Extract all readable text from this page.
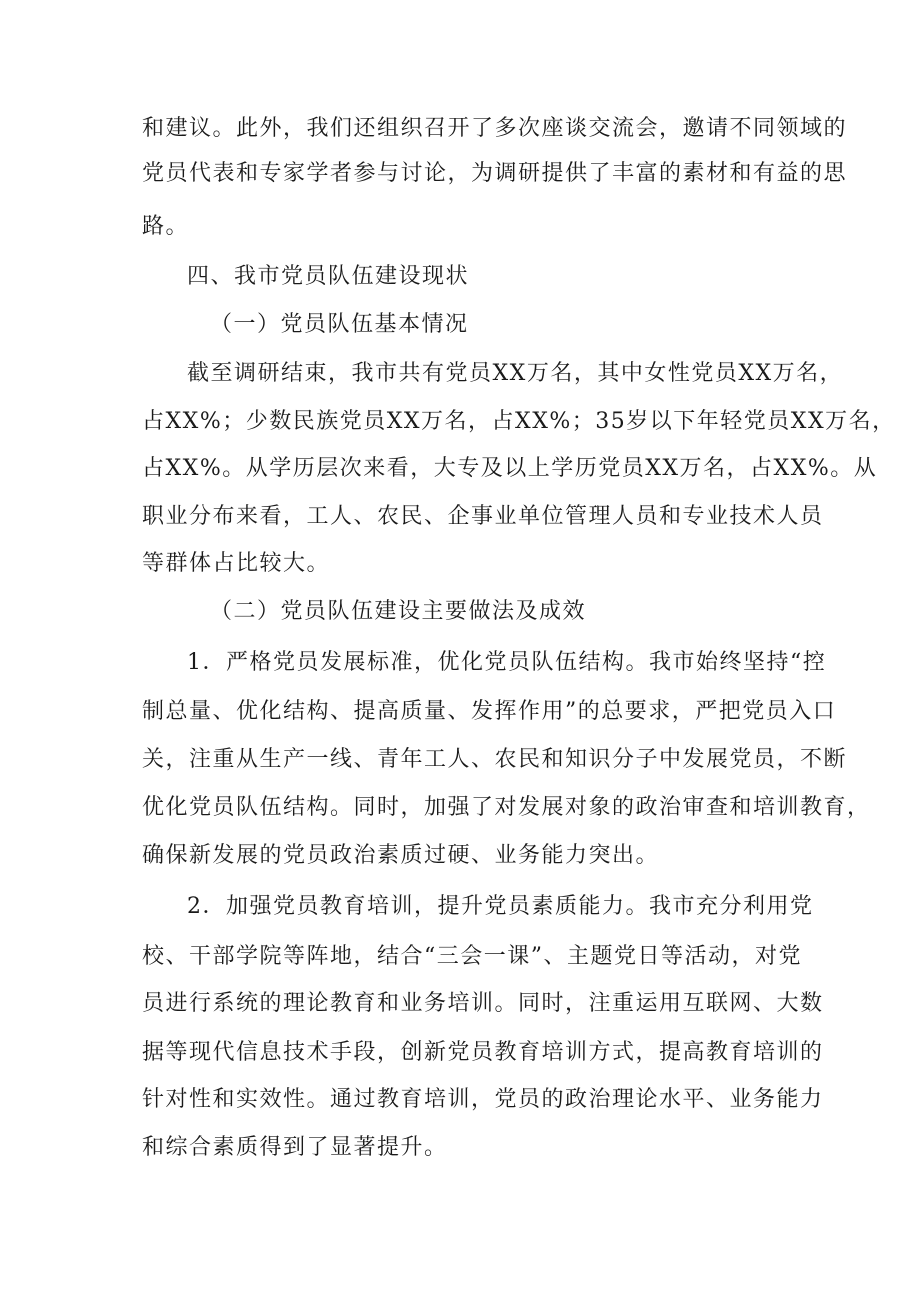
和建议。此外，我们还组织召开了多次座谈交流会，邀请不同领域的
党员代表和专家学者参与讨论，为调研提供了丰富的素材和有益的思
路。
四、我市党员队伍建设现状
（一）党员队伍基本情况
截至调研结束，我市共有党员XX万名，其中女性党员XX万名，
占XX%；少数民族党员XX万名，占XX%；35岁以下年轻党员XX万名，
占XX%。从学历层次来看，大专及以上学历党员XX万名，占XX%。从
职业分布来看，工人、农民、企事业单位管理人员和专业技术人员
等群体占比较大。
（二）党员队伍建设主要做法及成效
1．严格党员发展标准，优化党员队伍结构。我市始终坚持“控
制总量、优化结构、提高质量、发挥作用”的总要求，严把党员入口
关，注重从生产一线、青年工人、农民和知识分子中发展党员，不断
优化党员队伍结构。同时，加强了对发展对象的政治审查和培训教育，
确保新发展的党员政治素质过硬、业务能力突出。
2．加强党员教育培训，提升党员素质能力。我市充分利用党
校、干部学院等阵地，结合“三会一课”、主题党日等活动，对党
员进行系统的理论教育和业务培训。同时，注重运用互联网、大数
据等现代信息技术手段，创新党员教育培训方式，提高教育培训的
针对性和实效性。通过教育培训，党员的政治理论水平、业务能力
和综合素质得到了显著提升。
